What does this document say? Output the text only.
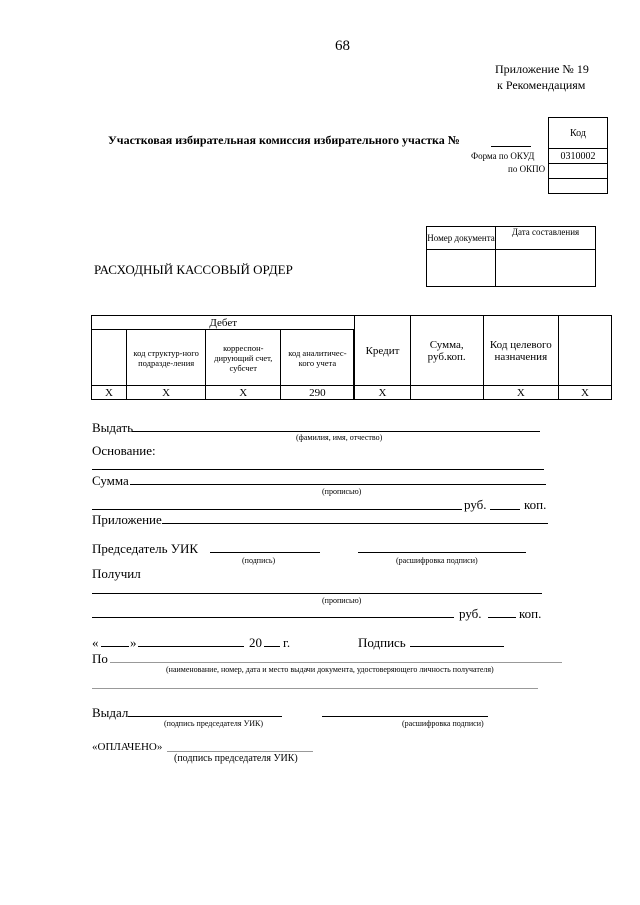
68
Приложение № 19
к Рекомендациям
Участковая избирательная комиссия избирательного участка №
Форма по ОКУД
по ОКПО
Код
0310002

Номер документа	Дата составления

РАСХОДНЫЙ КАССОВЫЙ ОРДЕР
Дебет				Кредит	Сумма, руб.коп.	Код целевого назначения	
	код структур-ного подразде-ления	корреспон-дирующий счет, субсчет	код аналитичес-кого учета				
Х	Х	Х	290		Х		Х	Х
Выдать
(фамилия, имя, отчество)
Основание:
Сумма
(прописью)
руб.	коп.
Приложение
Председатель УИК
(подпись)	(расшифровка подписи)
Получил
(прописью)
руб.	коп.
« »	20 г.	Подпись
По
(наименование, номер, дата и место выдачи документа, удостоверяющего личность получателя)
Выдал
(подпись председателя УИК)	(расшифровка подписи)
«ОПЛАЧЕНО»
(подпись председателя УИК)
